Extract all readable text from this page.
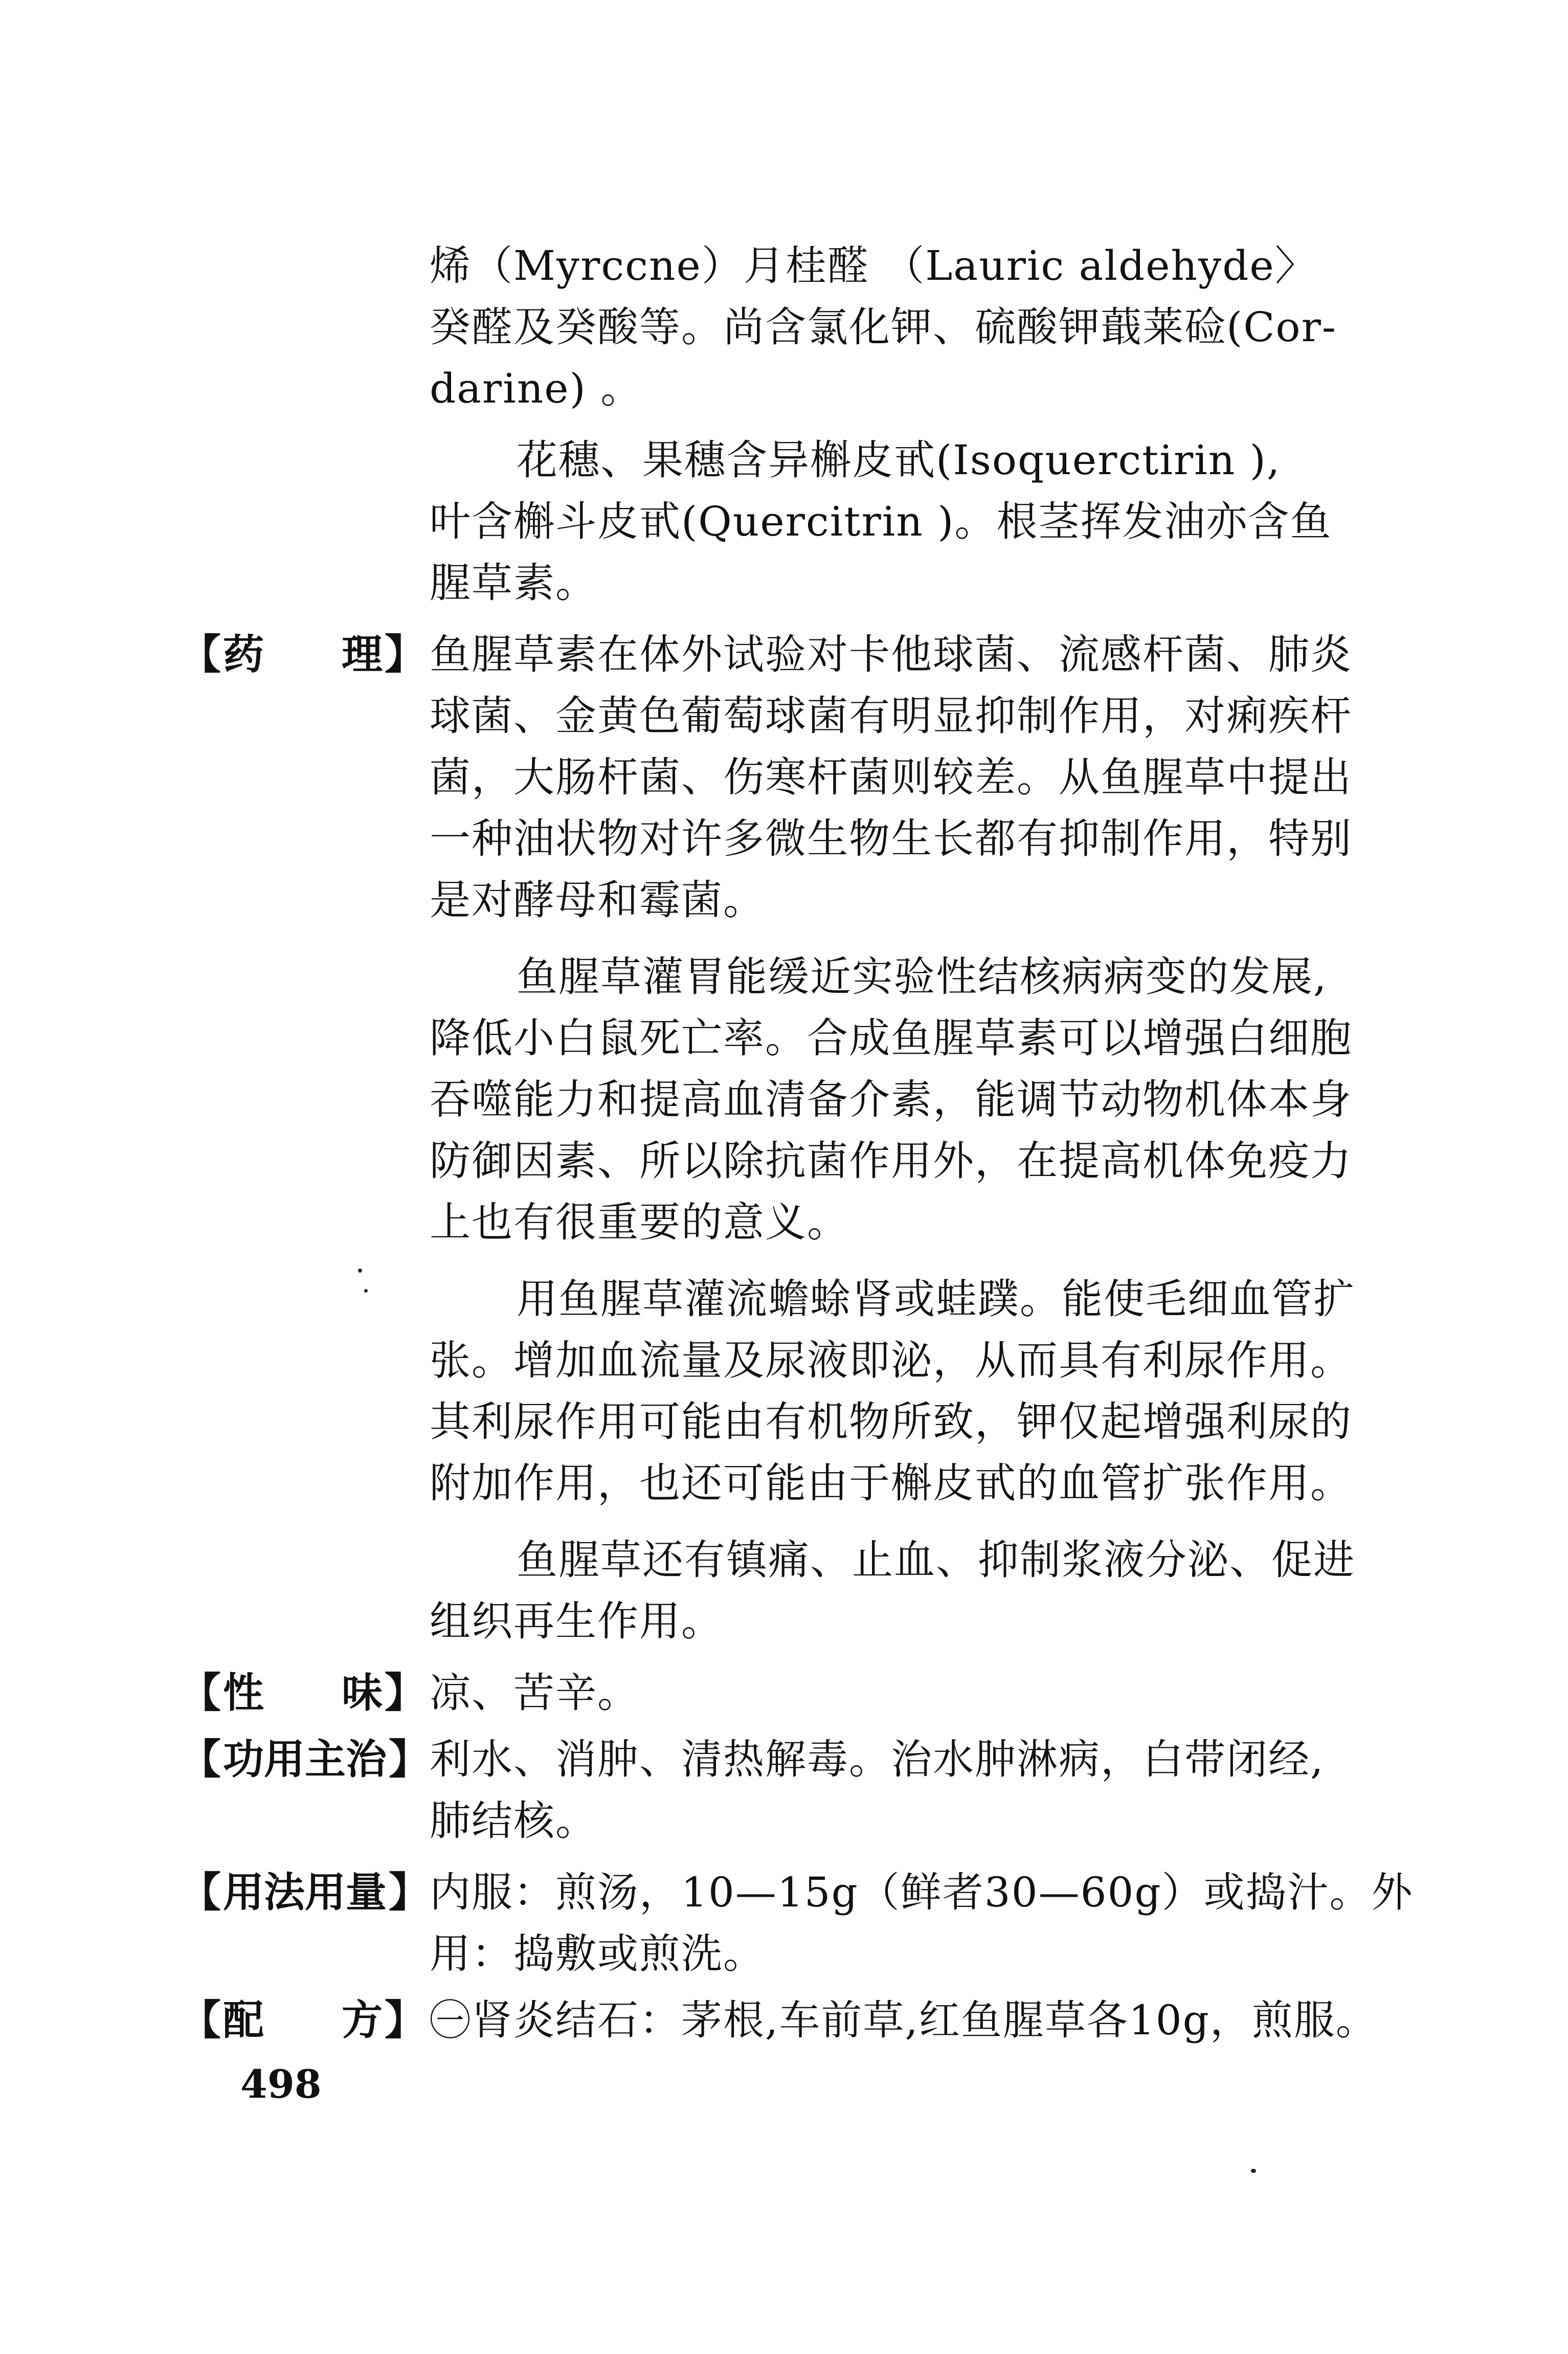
烯（Myrccne）月桂醛 （Lauric aldehyde〉
癸醛及癸酸等。尚含氯化钾、硫酸钾蕺莱硷(Cor-
darine) 。
花穗、果穗含异槲皮甙(Isoquerctirin ),
叶含槲斗皮甙(Quercitrin )。根茎挥发油亦含鱼
腥草素。
【 药 理 】 鱼腥草素在体外试验对卡他球菌、流感杆菌、肺炎
球菌、金黄色葡萄球菌有明显抑制作用，对痢疾杆
菌，大肠杆菌、伤寒杆菌则较差。从鱼腥草中提出
一种油状物对许多微生物生长都有抑制作用，特别
是对酵母和霉菌。
鱼腥草灌胃能缓近实验性结核病病变的发展,
降低小白鼠死亡率。合成鱼腥草素可以增强白细胞
吞噬能力和提高血清备介素，能调节动物机体本身
防御因素、所以除抗菌作用外，在提高机体免疫力
上也有很重要的意义。
用鱼腥草灌流蟾蜍肾或蛙蹼。能使毛细血管扩
张。增加血流量及尿液即泌，从而具有利尿作用。
其利尿作用可能由有机物所致，钾仅起增强利尿的
附加作用，也还可能由于槲皮甙的血管扩张作用。
鱼腥草还有镇痛、止血、抑制浆液分泌、促进
组织再生作用。
【 性 味 】 凉、苦辛。
【 功 用 主 治 】 利水、消肿、清热解毒。治水肿淋病，白带闭经,
肺结核。
【 用 法 用 量 】 内服：煎汤，10—15g（鲜者30—60g）或捣汁。外
用：捣敷或煎洗。
【 配 方 】 ㊀肾炎结石：茅根,车前草,红鱼腥草各10g，煎服。
498
